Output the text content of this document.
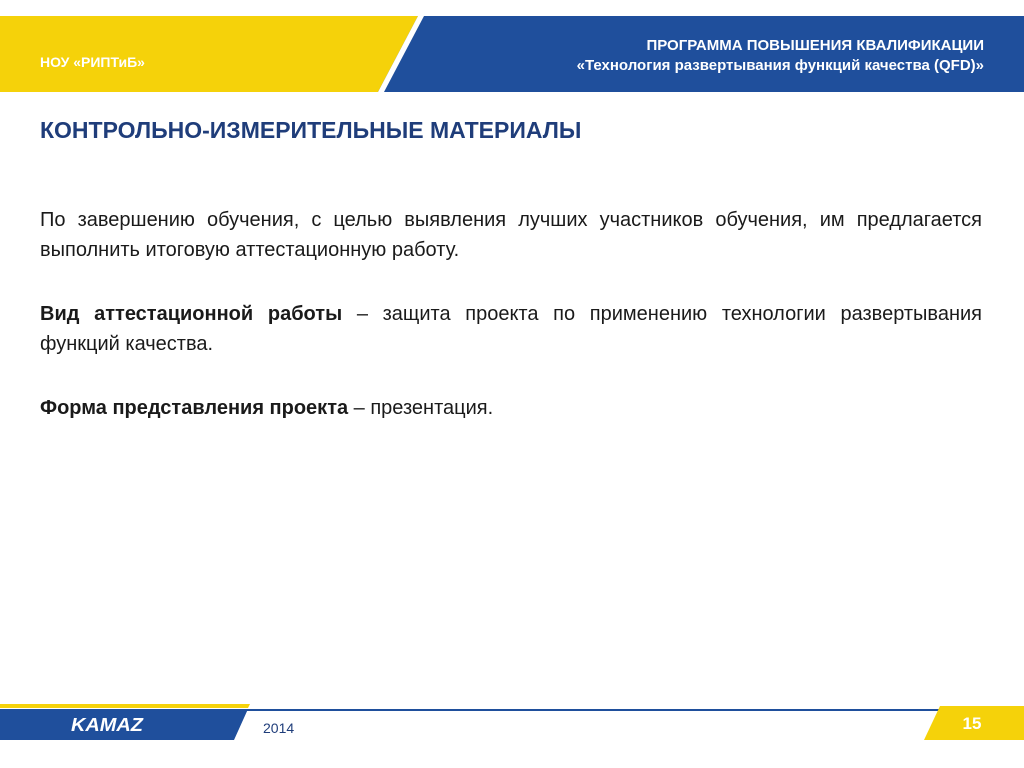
НОУ «РИПТиБ»
ПРОГРАММА ПОВЫШЕНИЯ КВАЛИФИКАЦИИ
«Технология развертывания функций качества (QFD)»
КОНТРОЛЬНО-ИЗМЕРИТЕЛЬНЫЕ МАТЕРИАЛЫ

По завершению обучения, с целью выявления лучших участников обучения, им предлагается выполнить итоговую аттестационную работу.

Вид аттестационной работы – защита проекта по применению технологии развертывания функций качества.

Форма представления проекта – презентация.

KAMAZ	2014	15
